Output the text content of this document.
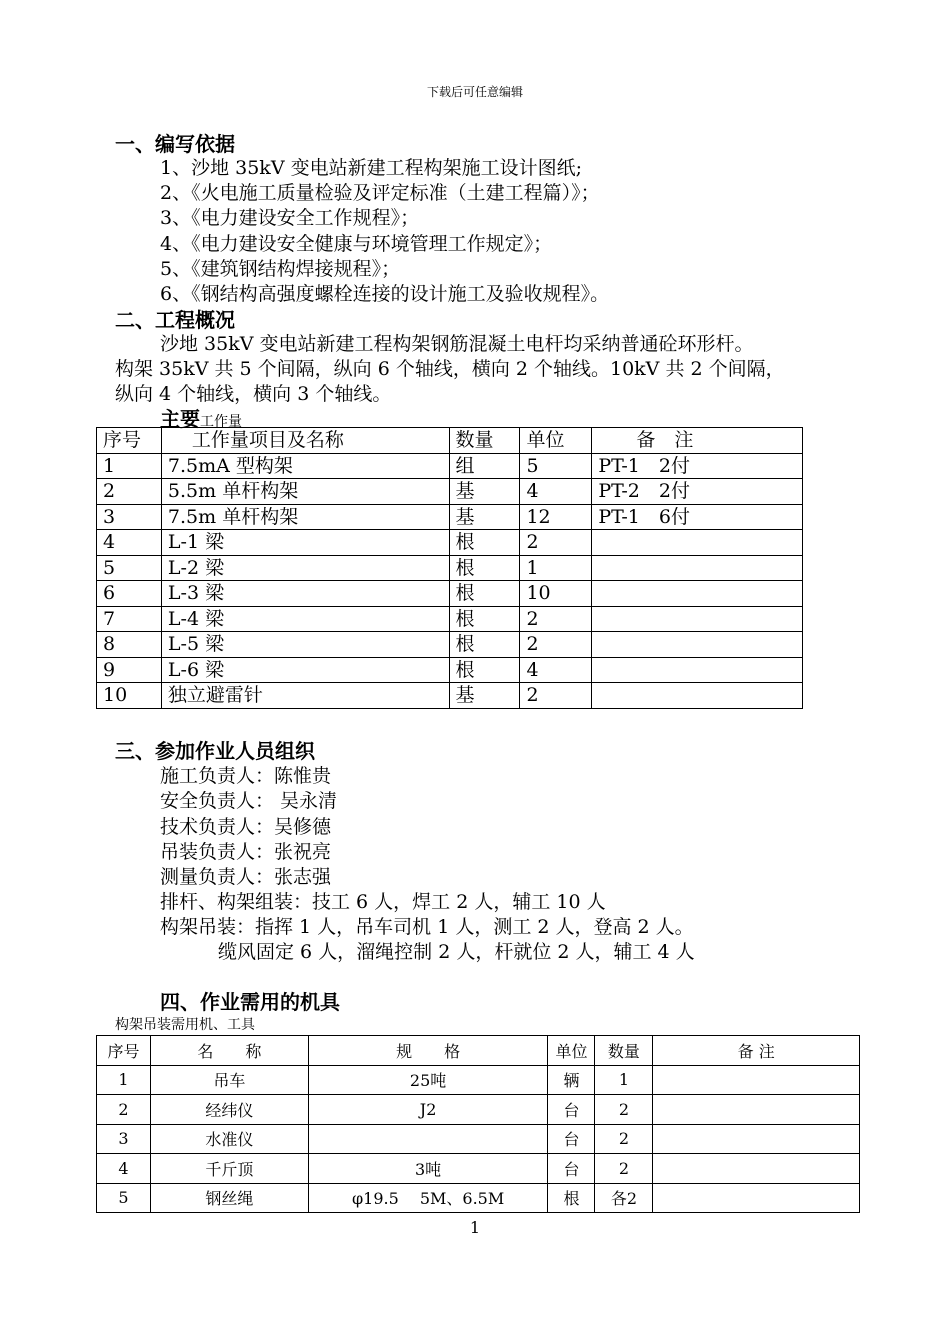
下载后可任意编辑
一、编写依据
1、沙地 35kV 变电站新建工程构架施工设计图纸;
2、《火电施工质量检验及评定标准（土建工程篇）》；
3、《电力建设安全工作规程》；
4、《电力建设安全健康与环境管理工作规定》；
5、《建筑钢结构焊接规程》；
6、《钢结构高强度螺栓连接的设计施工及验收规程》。
二、工程概况
沙地 35kV 变电站新建工程构架钢筋混凝土电杆均采纳普通砼环形杆。
构架 35kV 共 5 个间隔，纵向 6 个轴线，横向 2 个轴线。10kV 共 2 个间隔，
纵向 4 个轴线，横向 3 个轴线。
主要工作量
序号	工作量项目及名称	数量	单位	备　注
1	7.5mA 型构架	组	5	PT-1　2付
2	5.5m 单杆构架	基	4	PT-2　2付
3	7.5m 单杆构架	基	12	PT-1　6付
4	L-1 梁	根	2	
5	L-2 梁	根	1	
6	L-3 梁	根	10	
7	L-4 梁	根	2	
8	L-5 梁	根	2	
9	L-6 梁	根	4	
10	独立避雷针	基	2	
三、参加作业人员组织
施工负责人：陈惟贵
安全负责人： 吴永清
技术负责人：吴修德
吊装负责人：张祝亮
测量负责人：张志强
排杆、构架组装：技工 6 人，焊工 2 人，辅工 10 人
构架吊装：指挥 1 人，吊车司机 1 人，测工 2 人，登高 2 人。
缆风固定 6 人，溜绳控制 2 人，杆就位 2 人，辅工 4 人
四、作业需用的机具
构架吊装需用机、工具
序号	名　　称	规　　格	单位	数量	备 注
1	吊车	25吨	辆	1	
2	经纬仪	J2	台	2	
3	水准仪		台	2	
4	千斤顶	3吨	台	2	
5	钢丝绳	φ19.5　 5M、6.5M	根	各2	
1
